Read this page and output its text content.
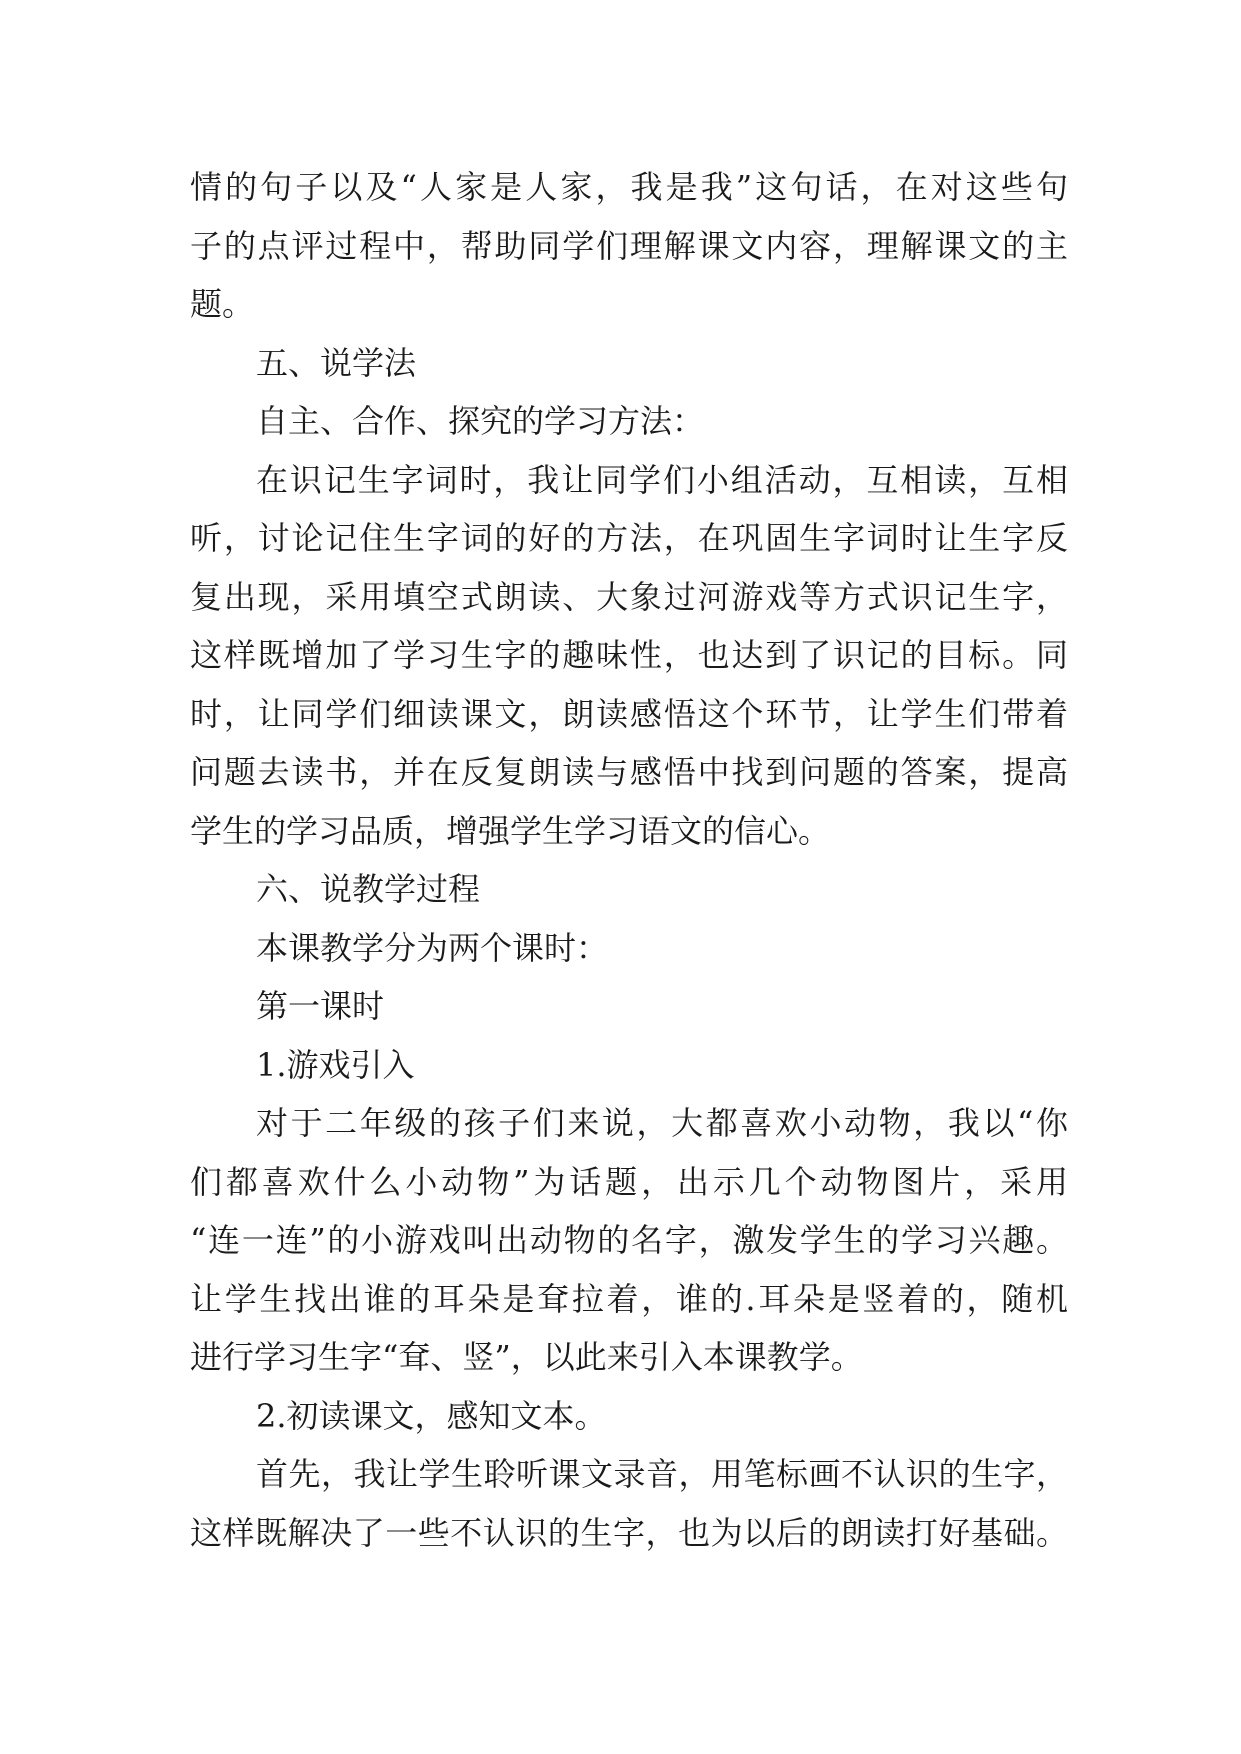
情的句子以及“人家是人家，我是我”这句话，在对这些句
子的点评过程中，帮助同学们理解课文内容，理解课文的主
题。
五、说学法
自主、合作、探究的学习方法：
在识记生字词时，我让同学们小组活动，互相读，互相
听，讨论记住生字词的好的方法，在巩固生字词时让生字反
复出现，采用填空式朗读、大象过河游戏等方式识记生字，
这样既增加了学习生字的趣味性，也达到了识记的目标。同
时，让同学们细读课文，朗读感悟这个环节，让学生们带着
问题去读书，并在反复朗读与感悟中找到问题的答案，提高
学生的学习品质，增强学生学习语文的信心。
六、说教学过程
本课教学分为两个课时：
第一课时
1.游戏引入
对于二年级的孩子们来说，大都喜欢小动物，我以“你
们都喜欢什么小动物”为话题，出示几个动物图片，采用
“连一连”的小游戏叫出动物的名字，激发学生的学习兴趣。
让学生找出谁的耳朵是耷拉着，谁的.耳朵是竖着的，随机
进行学习生字“耷、竖”，以此来引入本课教学。
2.初读课文，感知文本。
首先，我让学生聆听课文录音，用笔标画不认识的生字，
这样既解决了一些不认识的生字，也为以后的朗读打好基础。
